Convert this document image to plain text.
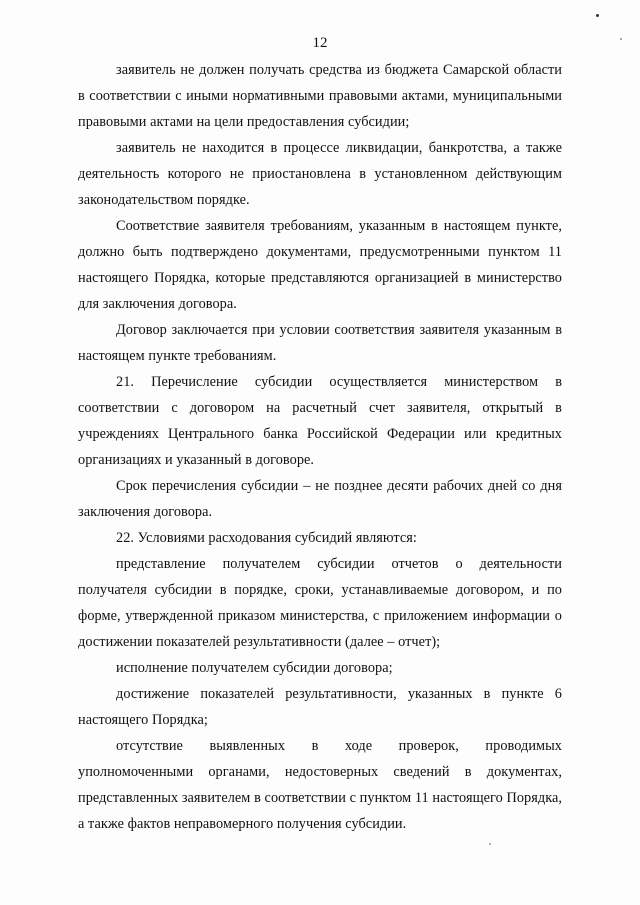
12

заявитель не должен получать средства из бюджета Самарской области в соответствии с иными нормативными правовыми актами, муниципальными правовыми актами на цели предоставления субсидии;

заявитель не находится в процессе ликвидации, банкротства, а также деятельность которого не приостановлена в установленном действующим законодательством порядке.

Соответствие заявителя требованиям, указанным в настоящем пункте, должно быть подтверждено документами, предусмотренными пунктом 11 настоящего Порядка, которые представляются организацией в министерство для заключения договора.

Договор заключается при условии соответствия заявителя указанным в настоящем пункте требованиям.

21. Перечисление субсидии осуществляется министерством в соответствии с договором на расчетный счет заявителя, открытый в учреждениях Центрального банка Российской Федерации или кредитных организациях и указанный в договоре.

Срок перечисления субсидии – не позднее десяти рабочих дней со дня заключения договора.

22. Условиями расходования субсидий являются:

представление получателем субсидии отчетов о деятельности получателя субсидии в порядке, сроки, устанавливаемые договором, и по форме, утвержденной приказом министерства, с приложением информации о достижении показателей результативности (далее – отчет);

исполнение получателем субсидии договора;

достижение показателей результативности, указанных в пункте 6 настоящего Порядка;

отсутствие выявленных в ходе проверок, проводимых уполномоченными органами, недостоверных сведений в документах, представленных заявителем в соответствии с пунктом 11 настоящего Порядка, а также фактов неправомерного получения субсидии.
